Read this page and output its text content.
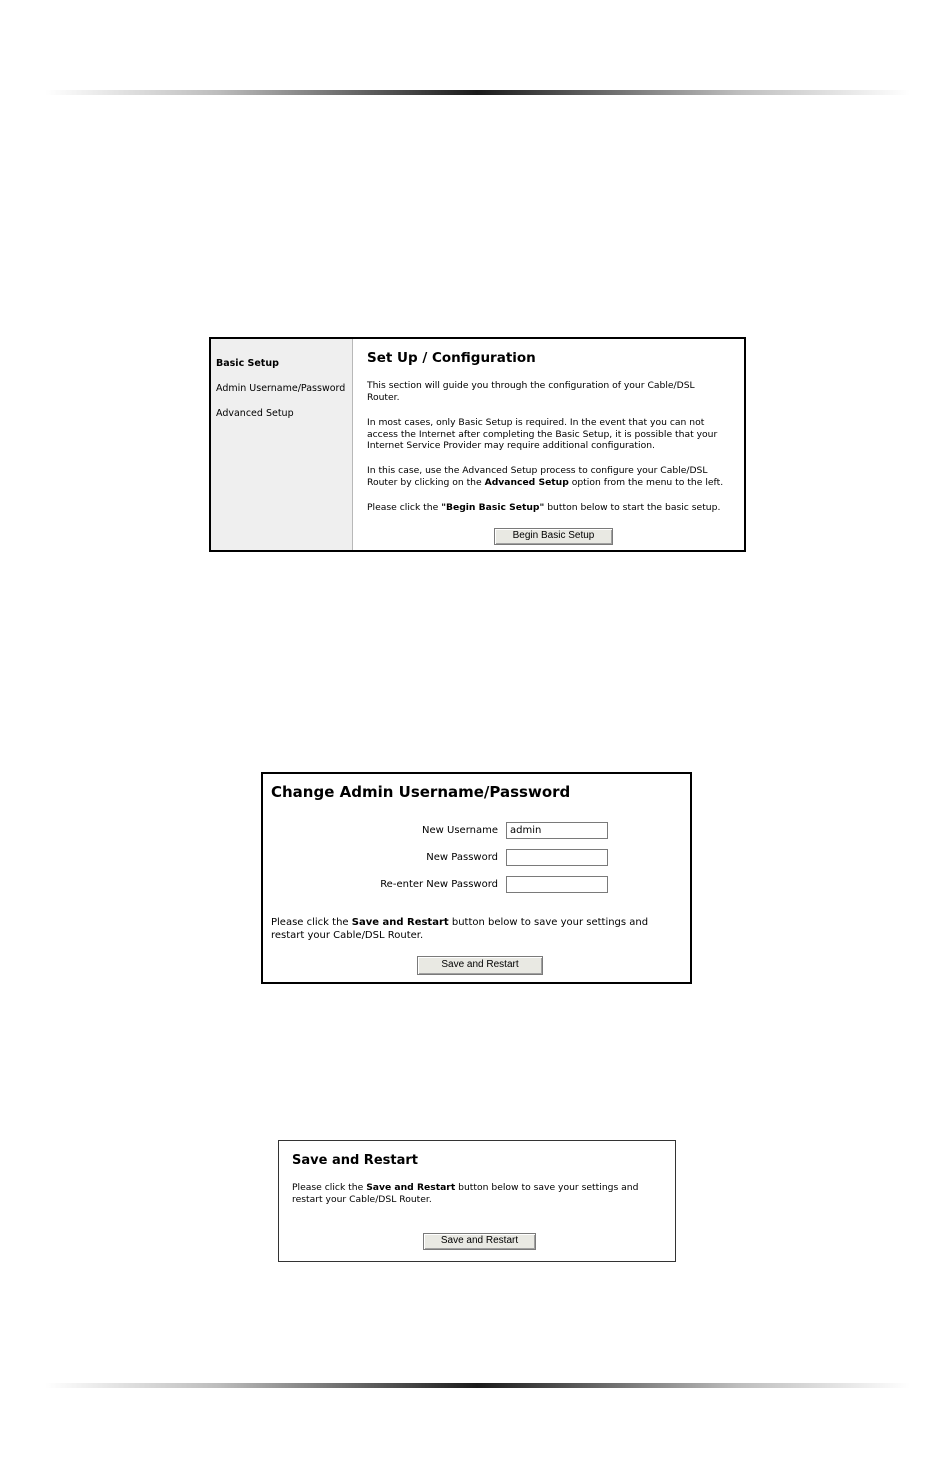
Basic Setup
Admin Username/Password
Advanced Setup
Set Up / Configuration
This section will guide you through the configuration of your Cable/DSL
Router.
In most cases, only Basic Setup is required. In the event that you can not
access the Internet after completing the Basic Setup, it is possible that your
Internet Service Provider may require additional configuration.
In this case, use the Advanced Setup process to configure your Cable/DSL
Router by clicking on the Advanced Setup option from the menu to the left.
Please click the "Begin Basic Setup" button below to start the basic setup.
Begin Basic Setup
Change Admin Username/Password
New Username
admin
New Password
Re-enter New Password
Please click the Save and Restart button below to save your settings and
restart your Cable/DSL Router.
Save and Restart
Save and Restart
Please click the Save and Restart button below to save your settings and
restart your Cable/DSL Router.
Save and Restart
